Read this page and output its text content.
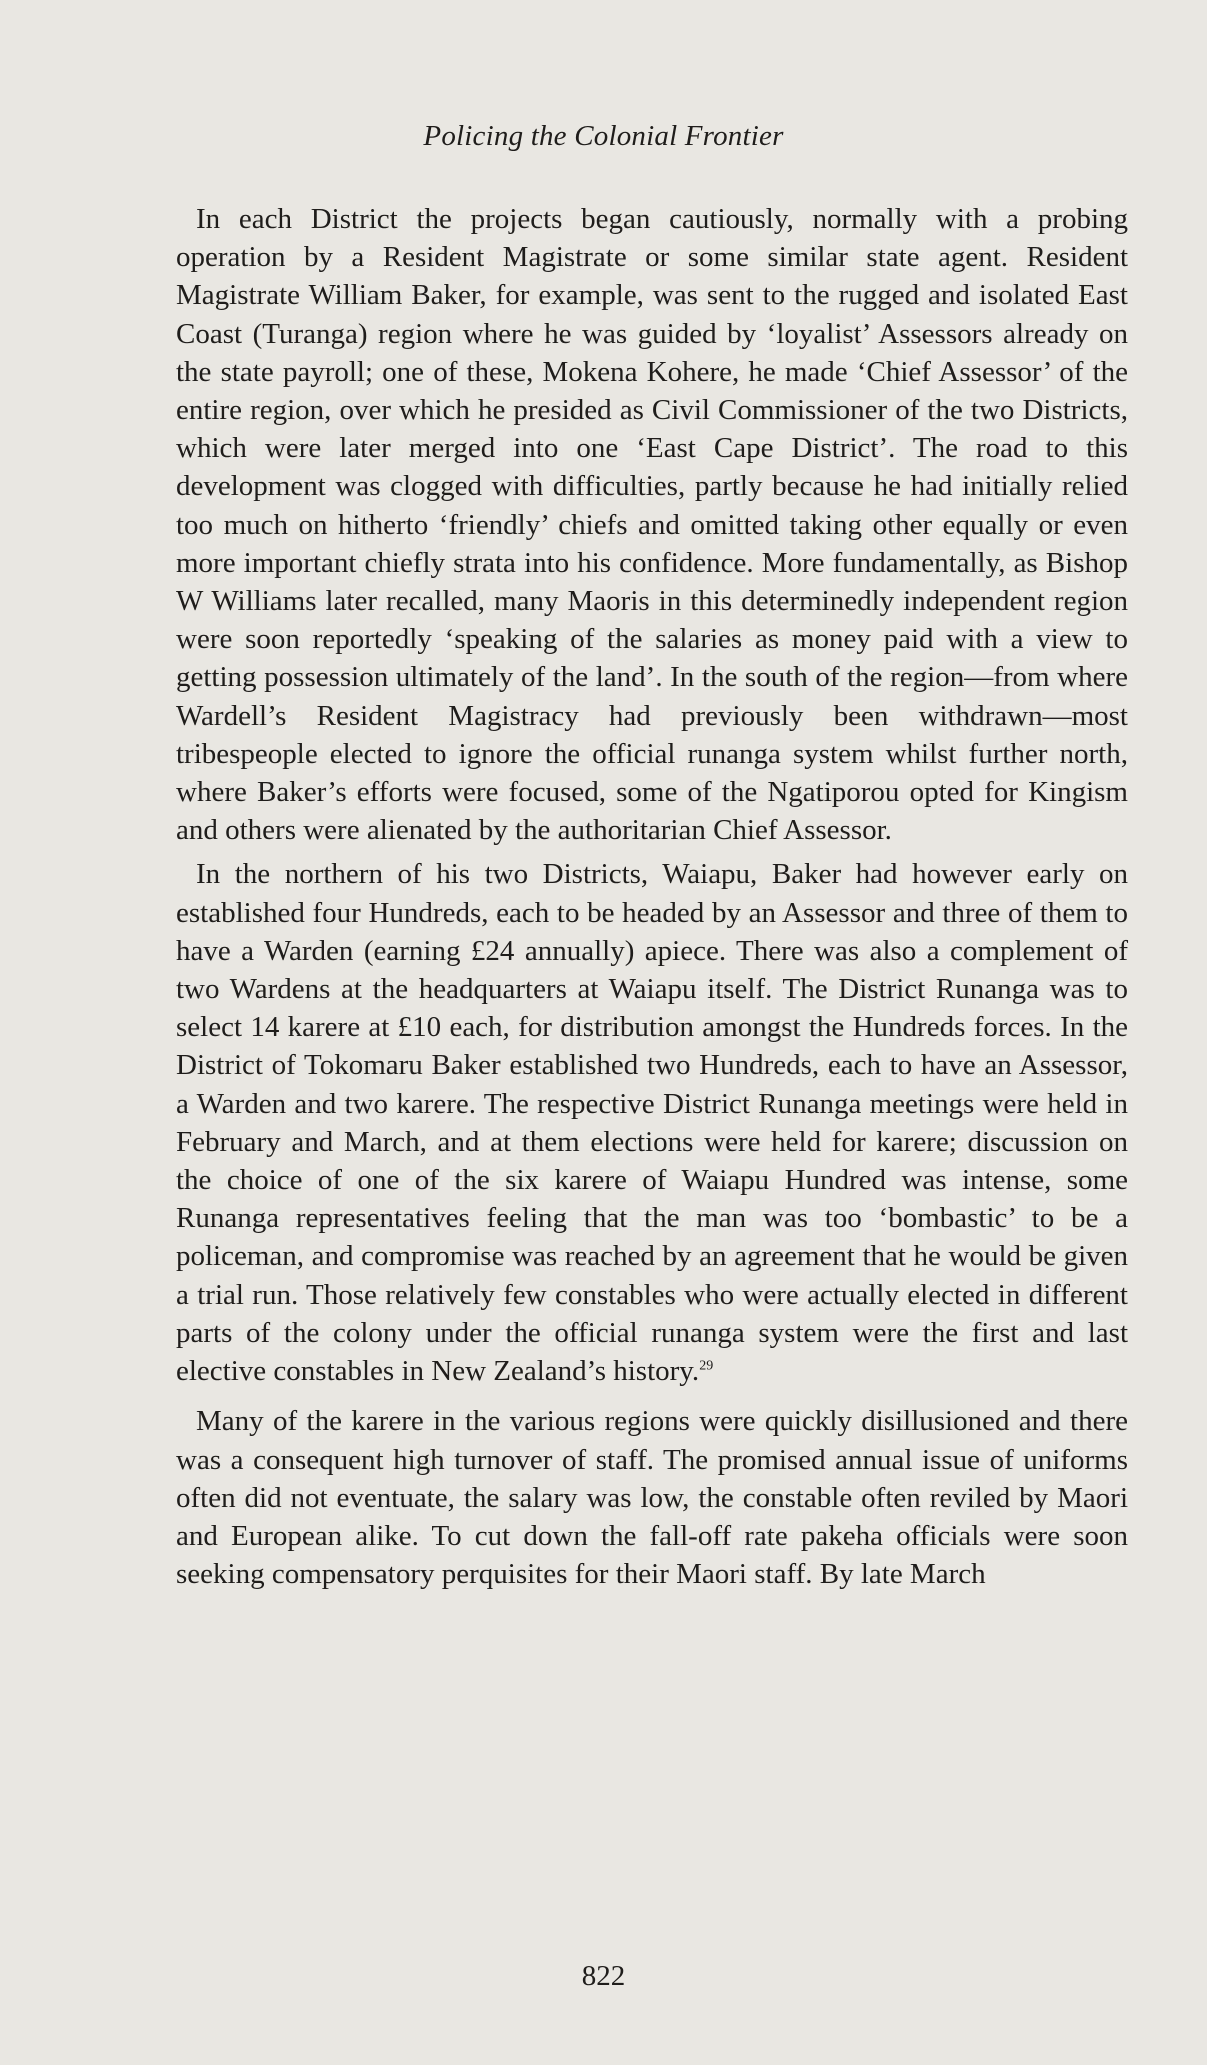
Policing the Colonial Frontier

In each District the projects began cautiously, normally with a probing operation by a Resident Magistrate or some similar state agent. Resident Magistrate William Baker, for example, was sent to the rugged and isolated East Coast (Turanga) region where he was guided by ‘loyalist’ Assessors already on the state payroll; one of these, Mokena Kohere, he made ‘Chief Assessor’ of the entire region, over which he presided as Civil Commissioner of the two Districts, which were later merged into one ‘East Cape District’. The road to this development was clogged with difficulties, partly because he had initially relied too much on hitherto ‘friendly’ chiefs and omitted taking other equally or even more important chiefly strata into his confidence. More fundamentally, as Bishop W Williams later recalled, many Maoris in this determinedly independent region were soon reportedly ‘speaking of the salaries as money paid with a view to getting possession ultimately of the land’. In the south of the region—from where Wardell’s Resident Magistracy had previously been withdrawn—most tribespeople elected to ignore the official runanga system whilst further north, where Baker’s efforts were focused, some of the Ngatiporou opted for Kingism and others were alienated by the authoritarian Chief Assessor.

In the northern of his two Districts, Waiapu, Baker had however early on established four Hundreds, each to be headed by an Assessor and three of them to have a Warden (earning £24 annually) apiece. There was also a complement of two Wardens at the headquarters at Waiapu itself. The District Runanga was to select 14 karere at £10 each, for distribution amongst the Hundreds forces. In the District of Tokomaru Baker established two Hundreds, each to have an Assessor, a Warden and two karere. The respective District Runanga meetings were held in February and March, and at them elections were held for karere; discussion on the choice of one of the six karere of Waiapu Hundred was intense, some Runanga representatives feeling that the man was too ‘bombastic’ to be a policeman, and compromise was reached by an agreement that he would be given a trial run. Those relatively few constables who were actually elected in different parts of the colony under the official runanga system were the first and last elective constables in New Zealand’s history.$^{29}$

Many of the karere in the various regions were quickly disillusioned and there was a consequent high turnover of staff. The promised annual issue of uniforms often did not eventuate, the salary was low, the constable often reviled by Maori and European alike. To cut down the fall-off rate pakeha officials were soon seeking compensatory perquisites for their Maori staff. By late March

822
